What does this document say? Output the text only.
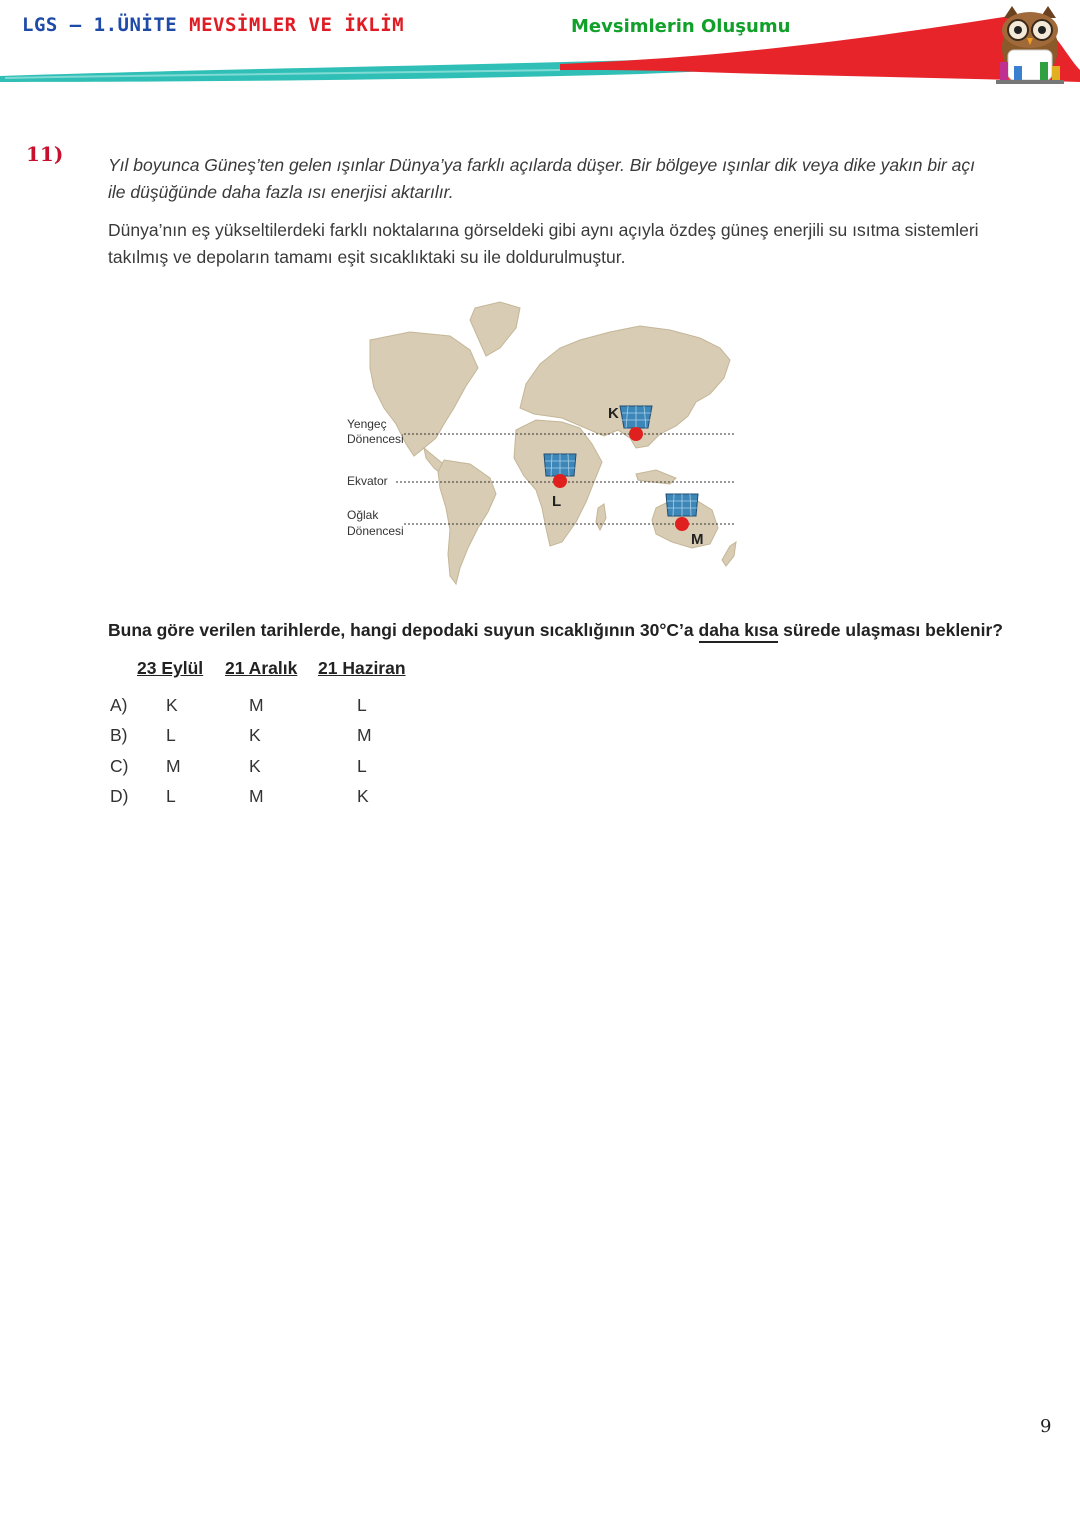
LGS – 1.ÜNİTE MEVSİMLER VE İKLİM	Mevsimlerin Oluşumu
11)	Yıl boyunca Güneş’ten gelen ışınlar Dünya’ya farklı açılarda düşer. Bir bölgeye ışınlar dik veya dike yakın bir açı ile düşüğünde daha fazla ısı enerjisi aktarılır.

Dünya’nın eş yükseltilerdeki farklı noktalarına görseldeki gibi aynı açıyla özdeş güneş enerjili su ısıtma sistemleri takılmış ve depoların tamamı eşit sıcaklıktaki su ile doldurulmuştur.

Yengeç
Dönencesi
Ekvator
Oğlak
Dönencesi
K
L
M
Buna göre verilen tarihlerde, hangi depodaki suyun sıcaklığının 30°C’a daha kısa sürede ulaşması beklenir?
23 Eylül 21 Aralık 21 Haziran
A) K	M	L
B) L	K	M
C) M	K	L
D) L	M	K
9
